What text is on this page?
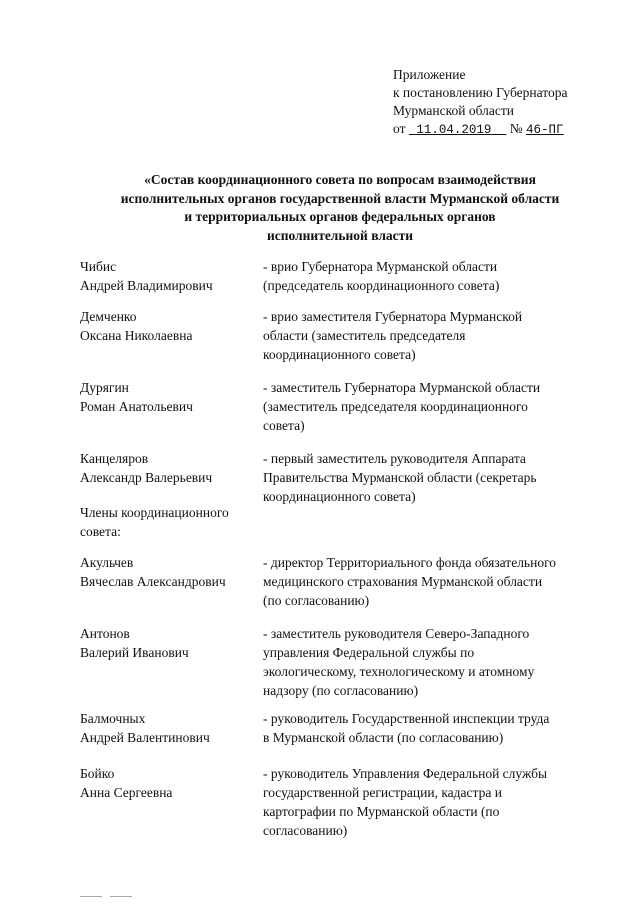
Приложение
к постановлению Губернатора
Мурманской области
от 11.04.2019 № 46-ПГ
«Состав координационного совета по вопросам взаимодействия
исполнительных органов государственной власти Мурманской области
и территориальных органов федеральных органов
исполнительной власти
Чибис
Андрей Владимирович
- врио Губернатора Мурманской области
(председатель координационного совета)
Демченко
Оксана Николаевна
- врио заместителя Губернатора Мурманской
области (заместитель председателя
координационного совета)
Дурягин
Роман Анатольевич
- заместитель Губернатора Мурманской области
(заместитель председателя координационного
совета)
Канцеляров
Александр Валерьевич
- первый заместитель руководителя Аппарата
Правительства Мурманской области (секретарь
координационного совета)
Члены координационного
совета:
Акульчев
Вячеслав Александрович
- директор Территориального фонда обязательного
медицинского страхования Мурманской области
(по согласованию)
Антонов
Валерий Иванович
- заместитель руководителя Северо-Западного
управления Федеральной службы по
экологическому, технологическому и атомному
надзору (по согласованию)
Балмочных
Андрей Валентинович
- руководитель Государственной инспекции труда
в Мурманской области (по согласованию)
Бойко
Анна Сергеевна
- руководитель Управления Федеральной службы
государственной регистрации, кадастра и
картографии по Мурманской области (по
согласованию)
